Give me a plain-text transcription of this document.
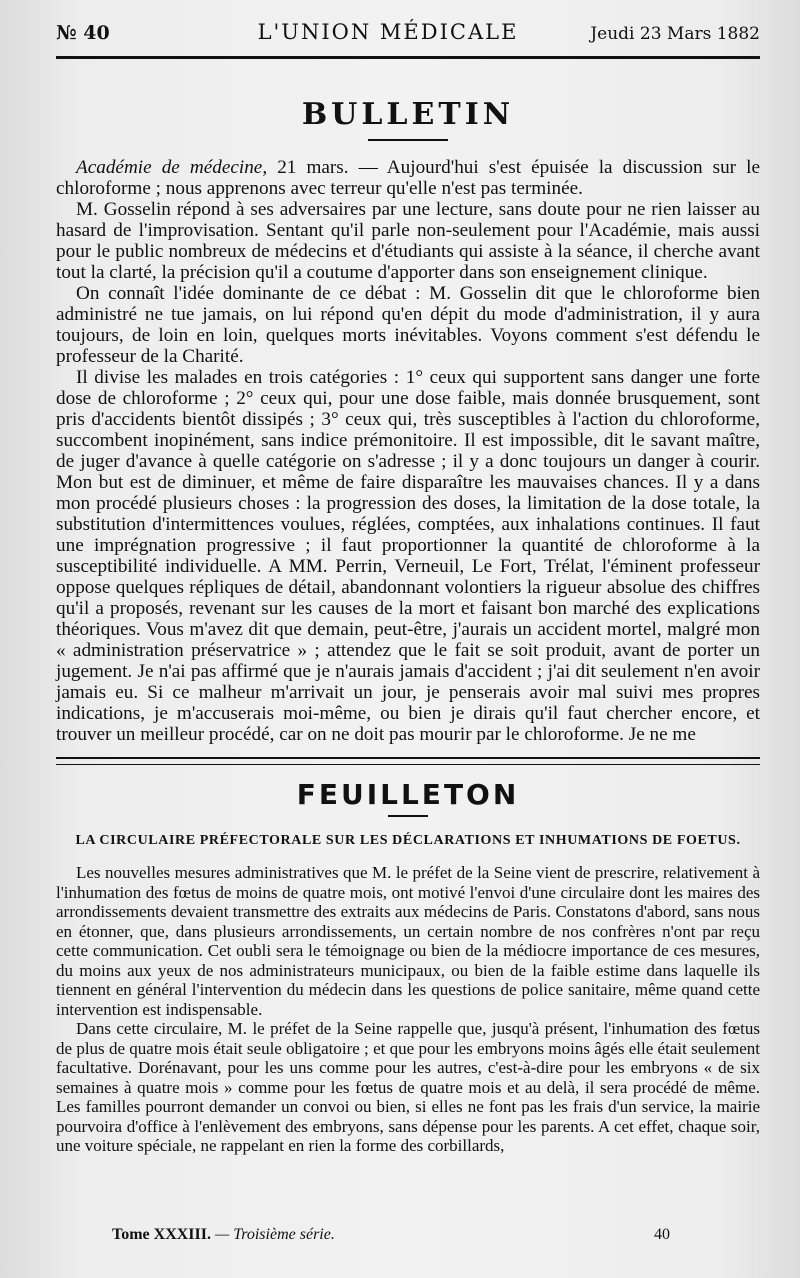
№ 40	L'UNION MÉDICALE	Jeudi 23 Mars 1882
BULLETIN

Académie de médecine, 21 mars. — Aujourd'hui s'est épuisée la discussion sur le chloroforme ; nous apprenons avec terreur qu'elle n'est pas terminée.

M. Gosselin répond à ses adversaires par une lecture, sans doute pour ne rien laisser au hasard de l'improvisation. Sentant qu'il parle non-seulement pour l'Académie, mais aussi pour le public nombreux de médecins et d'étudiants qui assiste à la séance, il cherche avant tout la clarté, la précision qu'il a coutume d'apporter dans son enseignement clinique.

On connaît l'idée dominante de ce débat : M. Gosselin dit que le chloroforme bien administré ne tue jamais, on lui répond qu'en dépit du mode d'administration, il y aura toujours, de loin en loin, quelques morts inévitables. Voyons comment s'est défendu le professeur de la Charité.

Il divise les malades en trois catégories : 1° ceux qui supportent sans danger une forte dose de chloroforme ; 2° ceux qui, pour une dose faible, mais donnée brusquement, sont pris d'accidents bientôt dissipés ; 3° ceux qui, très susceptibles à l'action du chloroforme, succombent inopinément, sans indice prémonitoire. Il est impossible, dit le savant maître, de juger d'avance à quelle catégorie on s'adresse ; il y a donc toujours un danger à courir. Mon but est de diminuer, et même de faire disparaître les mauvaises chances. Il y a dans mon procédé plusieurs choses : la progression des doses, la limitation de la dose totale, la substitution d'intermittences voulues, réglées, comptées, aux inhalations continues. Il faut une imprégnation progressive ; il faut proportionner la quantité de chloroforme à la susceptibilité individuelle. A MM. Perrin, Verneuil, Le Fort, Trélat, l'éminent professeur oppose quelques répliques de détail, abandonnant volontiers la rigueur absolue des chiffres qu'il a proposés, revenant sur les causes de la mort et faisant bon marché des explications théoriques. Vous m'avez dit que demain, peut-être, j'aurais un accident mortel, malgré mon « administration préservatrice » ; attendez que le fait se soit produit, avant de porter un jugement. Je n'ai pas affirmé que je n'aurais jamais d'accident ; j'ai dit seulement n'en avoir jamais eu. Si ce malheur m'arrivait un jour, je penserais avoir mal suivi mes propres indications, je m'accuserais moi-même, ou bien je dirais qu'il faut chercher encore, et trouver un meilleur procédé, car on ne doit pas mourir par le chloroforme. Je ne me

FEUILLETON
LA CIRCULAIRE PRÉFECTORALE SUR LES DÉCLARATIONS ET INHUMATIONS DE FOETUS.

Les nouvelles mesures administratives que M. le préfet de la Seine vient de prescrire, relativement à l'inhumation des fœtus de moins de quatre mois, ont motivé l'envoi d'une circulaire dont les maires des arrondissements devaient transmettre des extraits aux médecins de Paris. Constatons d'abord, sans nous en étonner, que, dans plusieurs arrondissements, un certain nombre de nos confrères n'ont par reçu cette communication. Cet oubli sera le témoignage ou bien de la médiocre importance de ces mesures, du moins aux yeux de nos administrateurs municipaux, ou bien de la faible estime dans laquelle ils tiennent en général l'intervention du médecin dans les questions de police sanitaire, même quand cette intervention est indispensable.

Dans cette circulaire, M. le préfet de la Seine rappelle que, jusqu'à présent, l'inhumation des fœtus de plus de quatre mois était seule obligatoire ; et que pour les embryons moins âgés elle était seulement facultative. Dorénavant, pour les uns comme pour les autres, c'est-à-dire pour les embryons « de six semaines à quatre mois » comme pour les fœtus de quatre mois et au delà, il sera procédé de même. Les familles pourront demander un convoi ou bien, si elles ne font pas les frais d'un service, la mairie pourvoira d'office à l'enlèvement des embryons, sans dépense pour les parents. A cet effet, chaque soir, une voiture spéciale, ne rappelant en rien la forme des corbillards,

Tome XXXIII. — Troisième série.	40
